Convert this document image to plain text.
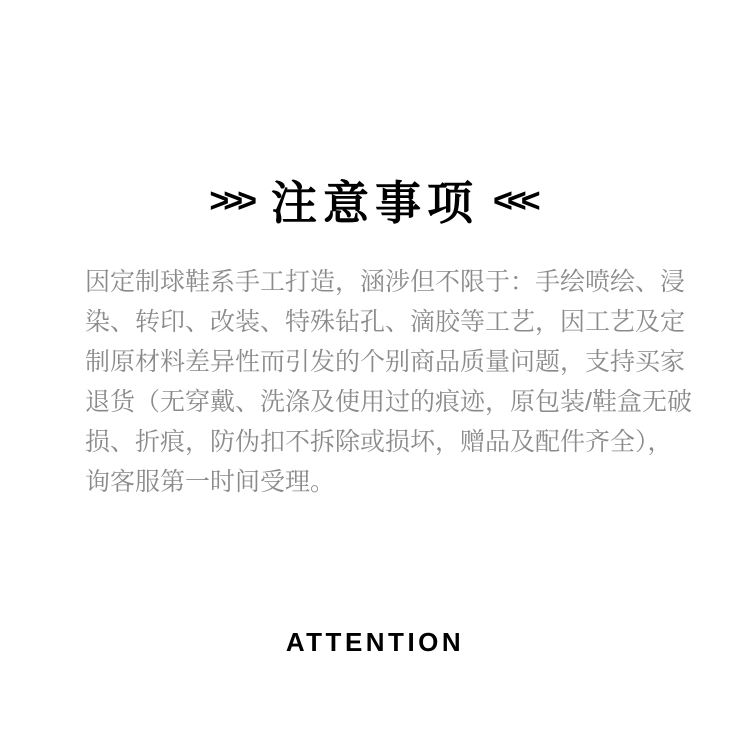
>>> 注意事项 <<<
因定制球鞋系手工打造，涵涉但不限于：手绘喷绘、浸
染、转印、改装、特殊钻孔、滴胶等工艺，因工艺及定
制原材料差异性而引发的个别商品质量问题，支持买家
退货（无穿戴、洗涤及使用过的痕迹，原包装/鞋盒无破
损、折痕，防伪扣不拆除或损坏，赠品及配件齐全），
询客服第一时间受理。
ATTENTION
